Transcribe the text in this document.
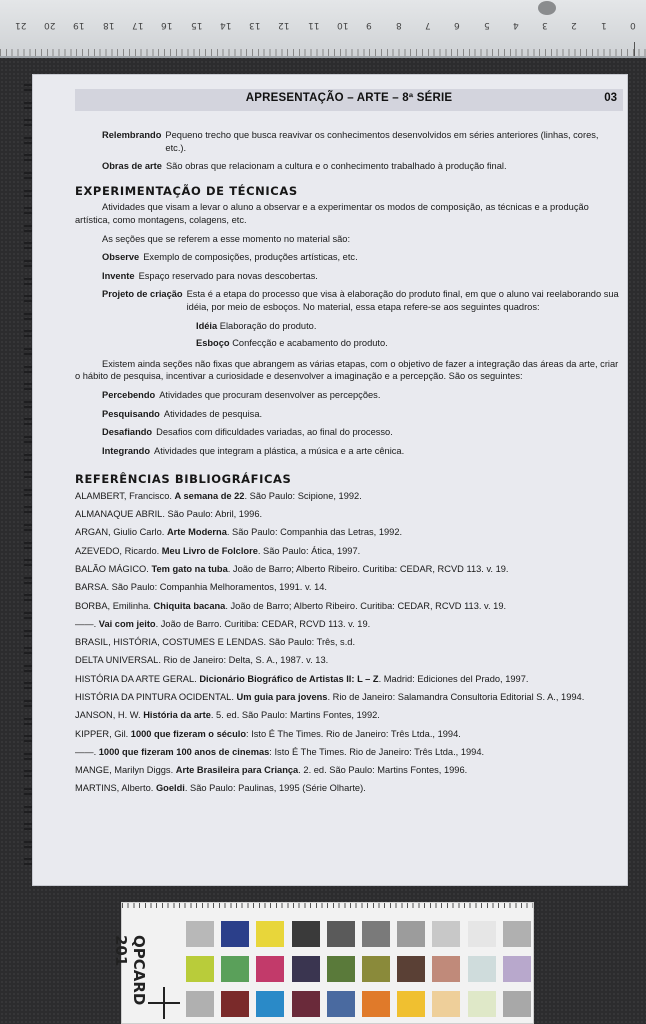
0
1
2
3
4
5
6
7
8
9
10
11
12
13
14
15
16
17
18
19
20
21
APRESENTAÇÃO – ARTE – 8ª SÉRIE	03
Relembrando Pequeno trecho que busca reavivar os conhecimentos desenvolvidos em séries anteriores (linhas, cores, etc.).
Obras de arte São obras que relacionam a cultura e o conhecimento trabalhado à produção final.
EXPERIMENTAÇÃO DE TÉCNICAS
Atividades que visam a levar o aluno a observar e a experimentar os modos de composição, as técnicas e a produção artística, como montagens, colagens, etc.
As seções que se referem a esse momento no material são:
Observe Exemplo de composições, produções artísticas, etc.
Invente Espaço reservado para novas descobertas.
Projeto de criação Esta é a etapa do processo que visa à elaboração do produto final, em que o aluno vai reelaborando sua idéia, por meio de esboços. No material, essa etapa refere-se aos seguintes quadros:
Idéia Elaboração do produto.
Esboço Confecção e acabamento do produto.
Existem ainda seções não fixas que abrangem as várias etapas, com o objetivo de fazer a integração das áreas da arte, criar o hábito de pesquisa, incentivar a curiosidade e desenvolver a imaginação e a percepção. São os seguintes:
Percebendo Atividades que procuram desenvolver as percepções.
Pesquisando Atividades de pesquisa.
Desafiando Desafios com dificuldades variadas, ao final do processo.
Integrando Atividades que integram a plástica, a música e a arte cênica.
REFERÊNCIAS BIBLIOGRÁFICAS
ALAMBERT, Francisco. A semana de 22. São Paulo: Scipione, 1992.
ALMANAQUE ABRIL. São Paulo: Abril, 1996.
ARGAN, Giulio Carlo. Arte Moderna. São Paulo: Companhia das Letras, 1992.
AZEVEDO, Ricardo. Meu Livro de Folclore. São Paulo: Ática, 1997.
BALÃO MÁGICO. Tem gato na tuba. João de Barro; Alberto Ribeiro. Curitiba: CEDAR, RCVD 113. v. 19.
BARSA. São Paulo: Companhia Melhoramentos, 1991. v. 14.
BORBA, Emilinha. Chiquita bacana. João de Barro; Alberto Ribeiro. Curitiba: CEDAR, RCVD 113. v. 19.
——. Vai com jeito. João de Barro. Curitiba: CEDAR, RCVD 113. v. 19.
BRASIL, HISTÓRIA, COSTUMES E LENDAS. São Paulo: Três, s.d.
DELTA UNIVERSAL. Rio de Janeiro: Delta, S. A., 1987. v. 13.
HISTÓRIA DA ARTE GERAL. Dicionário Biográfico de Artistas II: L – Z. Madrid: Ediciones del Prado, 1997.
HISTÓRIA DA PINTURA OCIDENTAL. Um guia para jovens. Rio de Janeiro: Salamandra Consultoria Editorial S. A., 1994.
JANSON, H. W. História da arte. 5. ed. São Paulo: Martins Fontes, 1992.
KIPPER, Gil. 1000 que fizeram o século: Isto É The Times. Rio de Janeiro: Três Ltda., 1994.
——. 1000 que fizeram 100 anos de cinemas: Isto É The Times. Rio de Janeiro: Três Ltda., 1994.
MANGE, Marilyn Diggs. Arte Brasileira para Criança. 2. ed. São Paulo: Martins Fontes, 1996.
MARTINS, Alberto. Goeldi. São Paulo: Paulinas, 1995 (Série Olharte).
QPCARD 201
